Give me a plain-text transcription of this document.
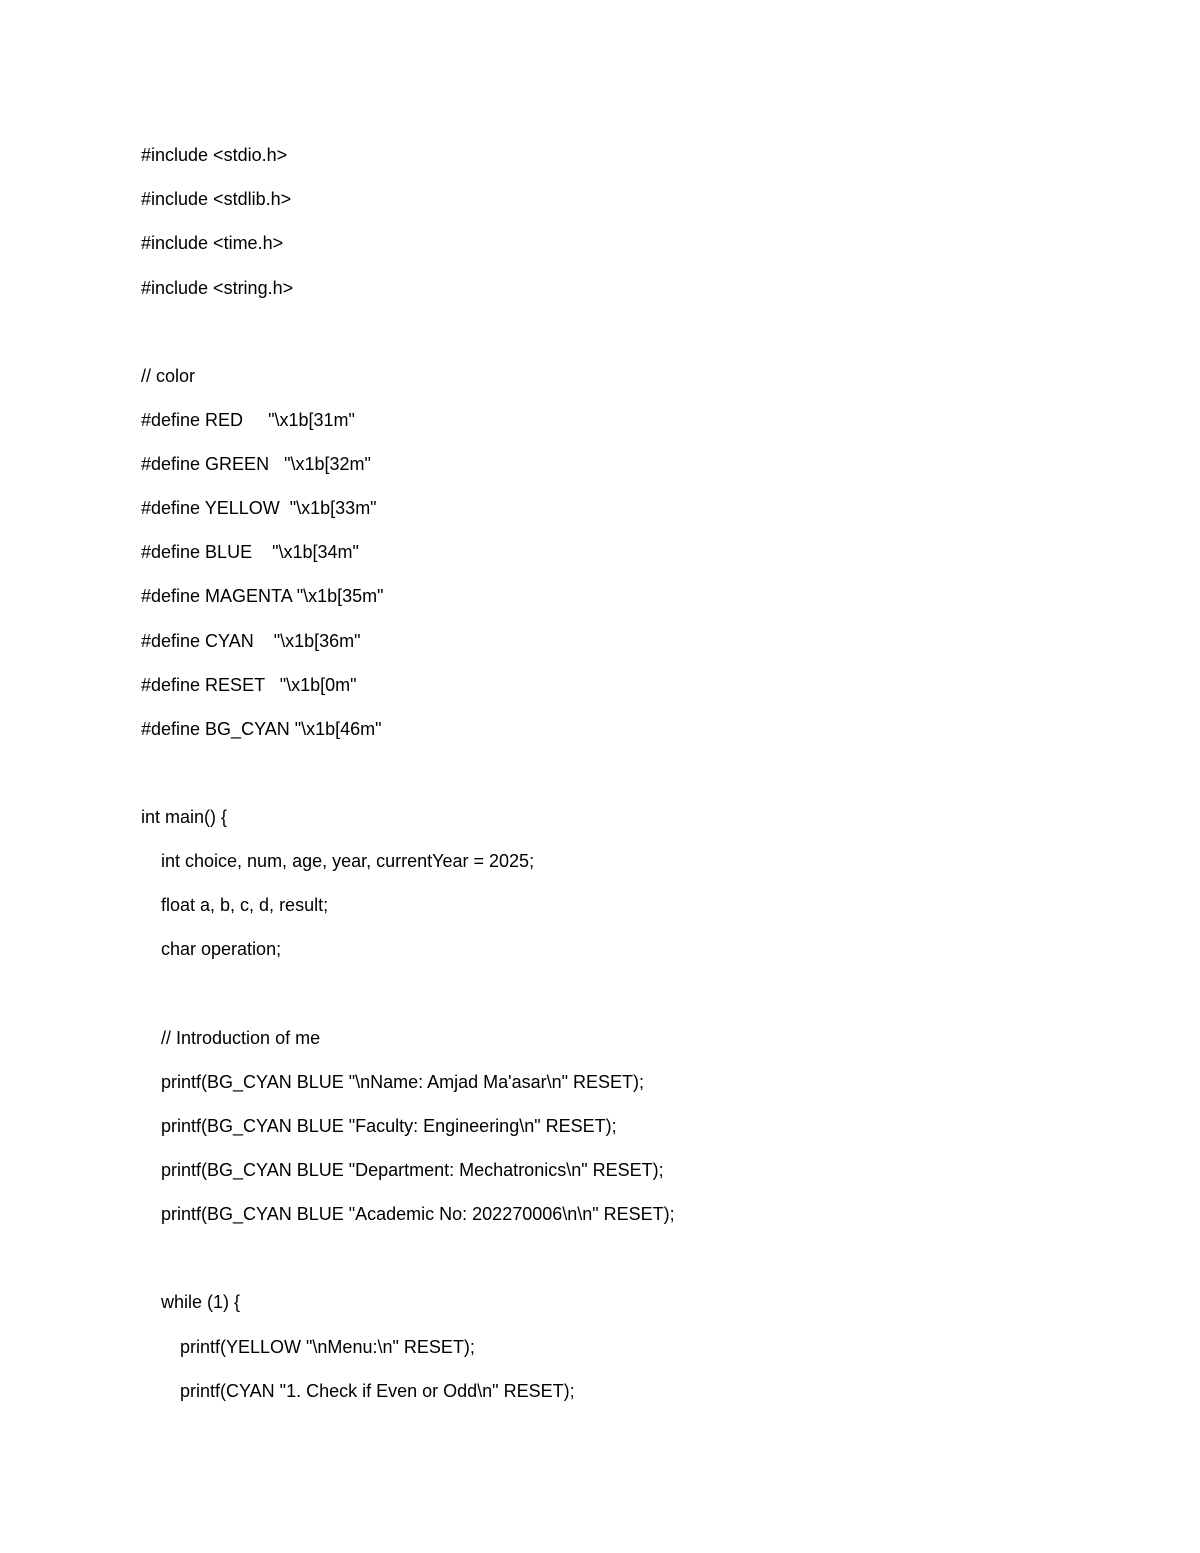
#include <stdio.h>
#include <stdlib.h>
#include <time.h>
#include <string.h>
// color
#define RED     "\x1b[31m"
#define GREEN   "\x1b[32m"
#define YELLOW  "\x1b[33m"
#define BLUE    "\x1b[34m"
#define MAGENTA "\x1b[35m"
#define CYAN    "\x1b[36m"
#define RESET   "\x1b[0m"
#define BG_CYAN "\x1b[46m"
int main() {
int choice, num, age, year, currentYear = 2025;
float a, b, c, d, result;
char operation;
// Introduction of me
printf(BG_CYAN BLUE "\nName: Amjad Ma'asar\n" RESET);
printf(BG_CYAN BLUE "Faculty: Engineering\n" RESET);
printf(BG_CYAN BLUE "Department: Mechatronics\n" RESET);
printf(BG_CYAN BLUE "Academic No: 202270006\n\n" RESET);
while (1) {
printf(YELLOW "\nMenu:\n" RESET);
printf(CYAN "1. Check if Even or Odd\n" RESET);
